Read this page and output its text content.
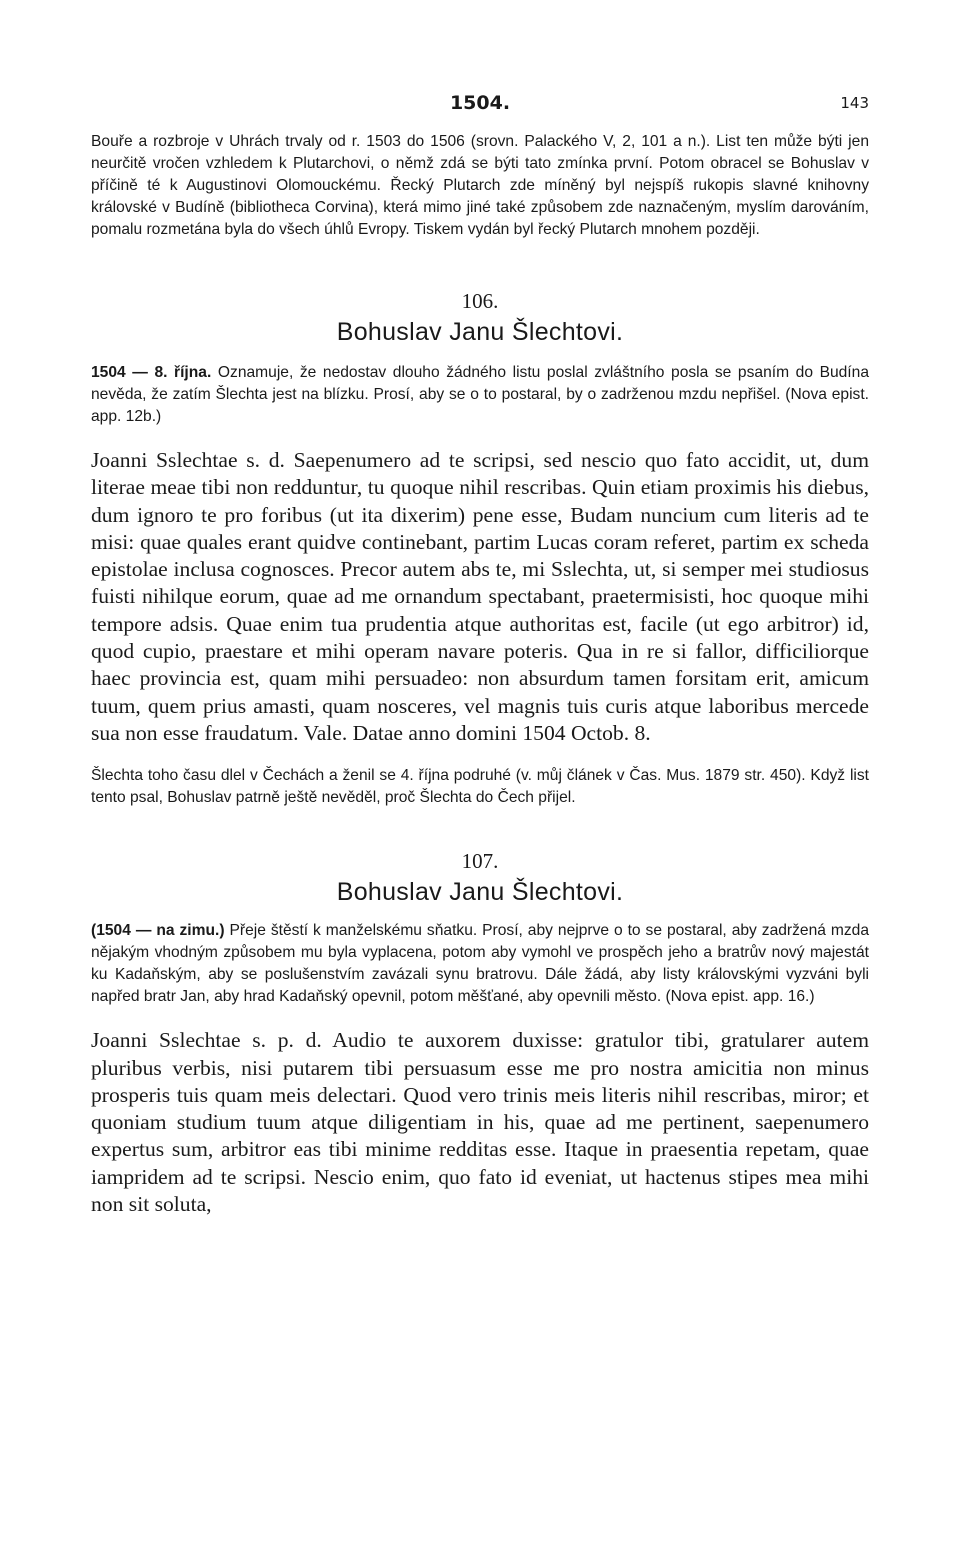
1504.	143

Bouře a rozbroje v Uhrách trvaly od r. 1503 do 1506 (srovn. Palackého V, 2, 101 a n.). List ten může býti jen neurčitě vročen vzhledem k Plutarchovi, o němž zdá se býti tato zmínka první. Potom obracel se Bohuslav v příčině té k Augustinovi Olomouckému. Řecký Plutarch zde míněný byl nejspíš rukopis slavné knihovny královské v Budíně (bibliotheca Corvina), která mimo jiné také způsobem zde naznačeným, myslím darováním, pomalu rozmetána byla do všech úhlů Evropy. Tiskem vydán byl řecký Plutarch mnohem později.

106.

Bohuslav Janu Šlechtovi.

1504 — 8. října. Oznamuje, že nedostav dlouho žádného listu poslal zvláštního posla se psaním do Budína nevěda, že zatím Šlechta jest na blízku. Prosí, aby se o to postaral, by o zadrženou mzdu nepřišel. (Nova epist. app. 12b.)

Joanni Sslechtae s. d. Saepenumero ad te scripsi, sed nescio quo fato accidit, ut, dum literae meae tibi non redduntur, tu quoque nihil rescribas. Quin etiam proximis his diebus, dum ignoro te pro foribus (ut ita dixerim) pene esse, Budam nuncium cum literis ad te misi: quae quales erant quidve continebant, partim Lucas coram referet, partim ex scheda epistolae inclusa cognosces. Precor autem abs te, mi Sslechta, ut, si semper mei studiosus fuisti nihilque eorum, quae ad me ornandum spectabant, praetermisisti, hoc quoque mihi tempore adsis. Quae enim tua prudentia atque authoritas est, facile (ut ego arbitror) id, quod cupio, praestare et mihi operam navare poteris. Qua in re si fallor, difficiliorque haec provincia est, quam mihi persuadeo: non absurdum tamen forsitam erit, amicum tuum, quem prius amasti, quam nosceres, vel magnis tuis curis atque laboribus mercede sua non esse fraudatum. Vale. Datae anno domini 1504 Octob. 8.

Šlechta toho času dlel v Čechách a ženil se 4. října podruhé (v. můj článek v Čas. Mus. 1879 str. 450). Když list tento psal, Bohuslav patrně ještě nevěděl, proč Šlechta do Čech přijel.

107.

Bohuslav Janu Šlechtovi.

(1504 — na zimu.) Přeje štěstí k manželskému sňatku. Prosí, aby nejprve o to se postaral, aby zadržená mzda nějakým vhodným způsobem mu byla vyplacena, potom aby vymohl ve prospěch jeho a bratrův nový majestát ku Kadaňským, aby se poslušenstvím zavázali synu bratrovu. Dále žádá, aby listy královskými vyzváni byli napřed bratr Jan, aby hrad Kadaňský opevnil, potom měšťané, aby opevnili město. (Nova epist. app. 16.)

Joanni Sslechtae s. p. d. Audio te auxorem duxisse: gratulor tibi, gratularer autem pluribus verbis, nisi putarem tibi persuasum esse me pro nostra amicitia non minus prosperis tuis quam meis delectari. Quod vero trinis meis literis nihil rescribas, miror; et quoniam studium tuum atque diligentiam in his, quae ad me pertinent, saepenumero expertus sum, arbitror eas tibi minime redditas esse. Itaque in praesentia repetam, quae iampridem ad te scripsi. Nescio enim, quo fato id eveniat, ut hactenus stipes mea mihi non sit soluta,
